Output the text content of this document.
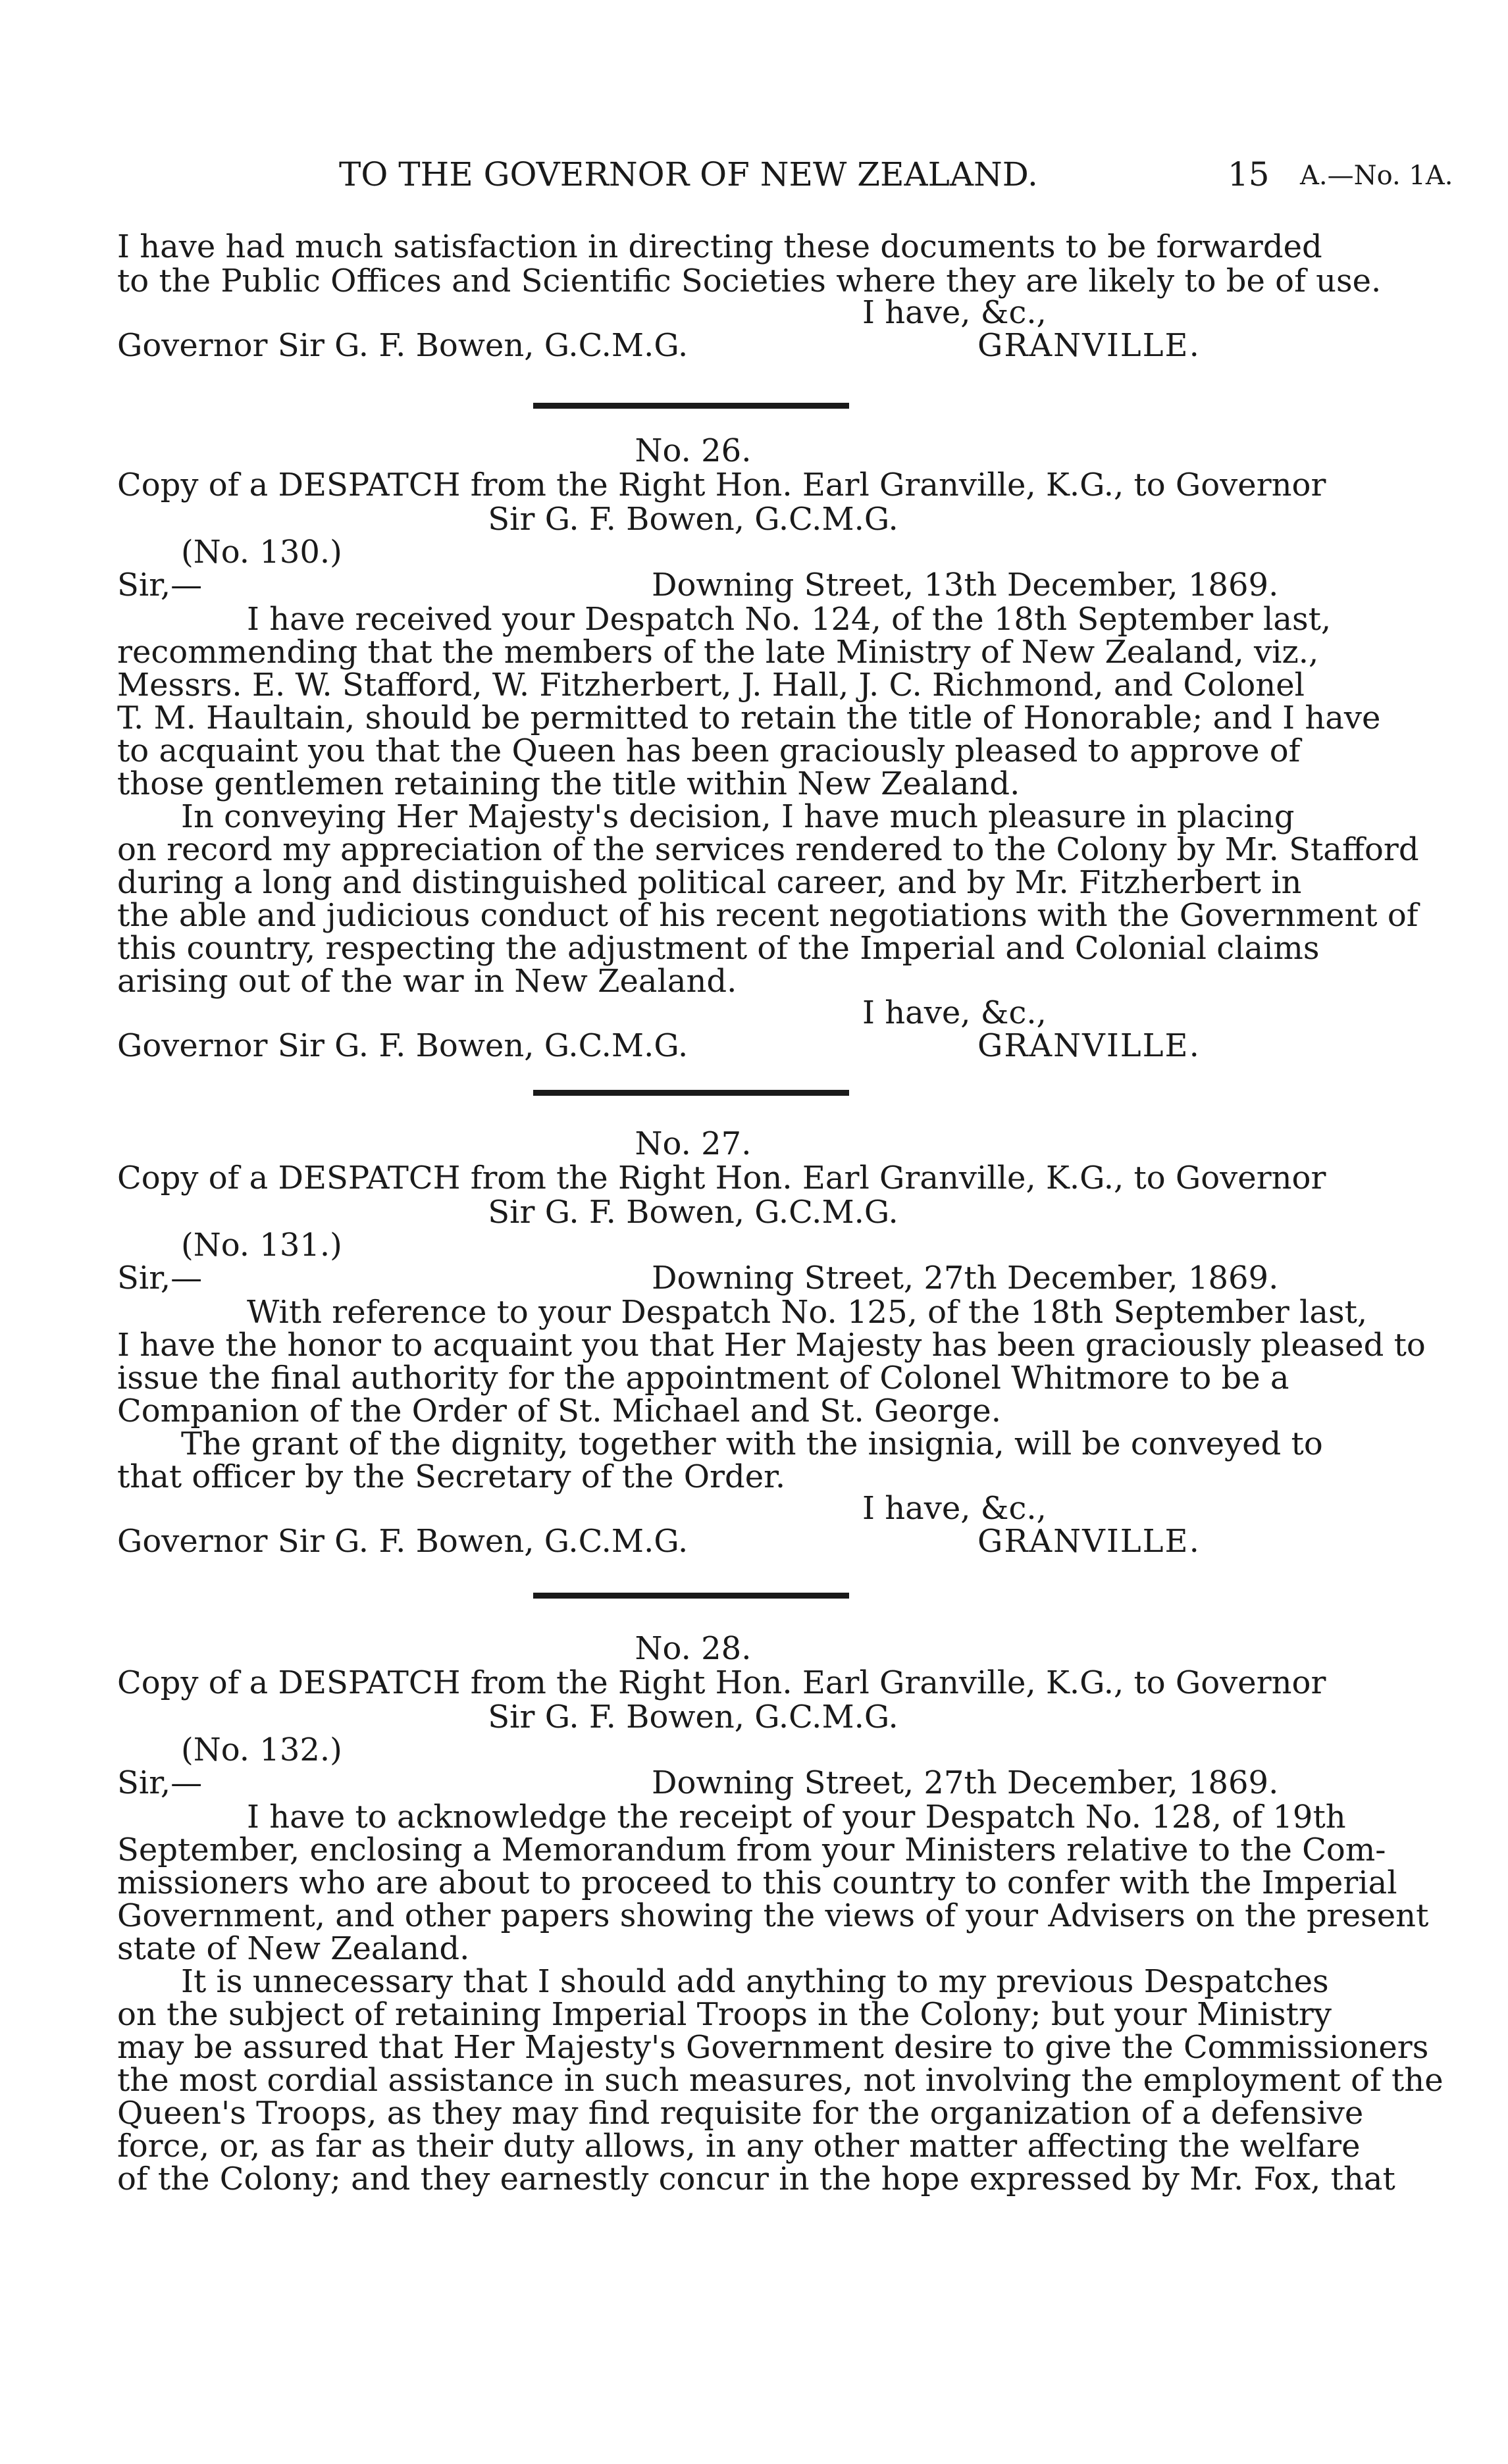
TO THE GOVERNOR OF NEW ZEALAND.	15 A.—No. 1A.
I have had much satisfaction in directing these documents to be forwarded
to the Public Offices and Scientific Societies where they are likely to be of use.
I have, &c.,
Governor Sir G. F. Bowen, G.C.M.G.	GRANVILLE.
No. 26.
Copy of a DESPATCH from the Right Hon. Earl Granville, K.G., to Governor
Sir G. F. Bowen, G.C.M.G.
(No. 130.)
Sir,—	Downing Street, 13th December, 1869.
I have received your Despatch No. 124, of the 18th September last,
recommending that the members of the late Ministry of New Zealand, viz.,
Messrs. E. W. Stafford, W. Fitzherbert, J. Hall, J. C. Richmond, and Colonel
T. M. Haultain, should be permitted to retain the title of Honorable; and I have
to acquaint you that the Queen has been graciously pleased to approve of
those gentlemen retaining the title within New Zealand.
In conveying Her Majesty's decision, I have much pleasure in placing
on record my appreciation of the services rendered to the Colony by Mr. Stafford
during a long and distinguished political career, and by Mr. Fitzherbert in
the able and judicious conduct of his recent negotiations with the Government of
this country, respecting the adjustment of the Imperial and Colonial claims
arising out of the war in New Zealand.
I have, &c.,
Governor Sir G. F. Bowen, G.C.M.G.	GRANVILLE.
No. 27.
Copy of a DESPATCH from the Right Hon. Earl Granville, K.G., to Governor
Sir G. F. Bowen, G.C.M.G.
(No. 131.)
Sir,—	Downing Street, 27th December, 1869.
With reference to your Despatch No. 125, of the 18th September last,
I have the honor to acquaint you that Her Majesty has been graciously pleased to
issue the final authority for the appointment of Colonel Whitmore to be a
Companion of the Order of St. Michael and St. George.
The grant of the dignity, together with the insignia, will be conveyed to
that officer by the Secretary of the Order.
I have, &c.,
Governor Sir G. F. Bowen, G.C.M.G.	GRANVILLE.
No. 28.
Copy of a DESPATCH from the Right Hon. Earl Granville, K.G., to Governor
Sir G. F. Bowen, G.C.M.G.
(No. 132.)
Sir,—	Downing Street, 27th December, 1869.
I have to acknowledge the receipt of your Despatch No. 128, of 19th
September, enclosing a Memorandum from your Ministers relative to the Com-
missioners who are about to proceed to this country to confer with the Imperial
Government, and other papers showing the views of your Advisers on the present
state of New Zealand.
It is unnecessary that I should add anything to my previous Despatches
on the subject of retaining Imperial Troops in the Colony; but your Ministry
may be assured that Her Majesty's Government desire to give the Commissioners
the most cordial assistance in such measures, not involving the employment of the
Queen's Troops, as they may find requisite for the organization of a defensive
force, or, as far as their duty allows, in any other matter affecting the welfare
of the Colony; and they earnestly concur in the hope expressed by Mr. Fox, that
